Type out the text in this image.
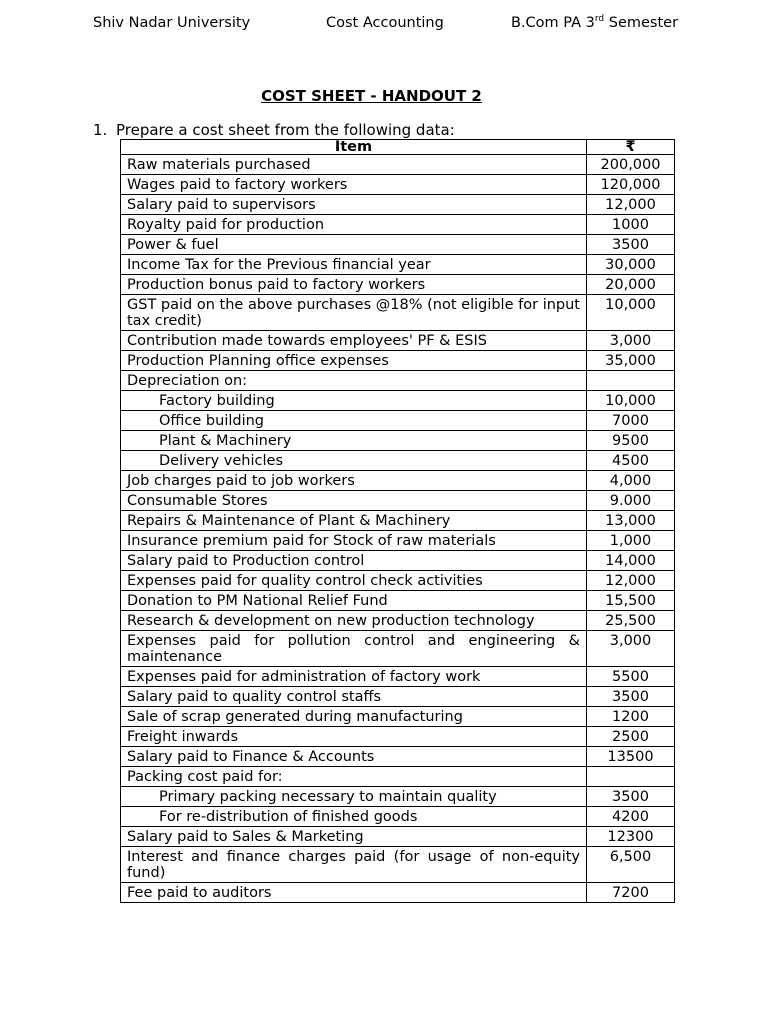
Shiv Nadar University	Cost Accounting	B.Com PA 3rd Semester
COST SHEET - HANDOUT 2
1. Prepare a cost sheet from the following data:
Item	₹
Raw materials purchased	200,000
Wages paid to factory workers	120,000
Salary paid to supervisors	12,000
Royalty paid for production	1000
Power & fuel	3500
Income Tax for the Previous financial year	30,000
Production bonus paid to factory workers	20,000
GST paid on the above purchases @18% (not eligible for input tax credit)	10,000
Contribution made towards employees' PF & ESIS	3,000
Production Planning office expenses	35,000
Depreciation on:	
Factory building	10,000
Office building	7000
Plant & Machinery	9500
Delivery vehicles	4500
Job charges paid to job workers	4,000
Consumable Stores	9.000
Repairs & Maintenance of Plant & Machinery	13,000
Insurance premium paid for Stock of raw materials	1,000
Salary paid to Production control	14,000
Expenses paid for quality control check activities	12,000
Donation to PM National Relief Fund	15,500
Research & development on new production technology	25,500
Expenses paid for pollution control and engineering & maintenance	3,000
Expenses paid for administration of factory work	5500
Salary paid to quality control staffs	3500
Sale of scrap generated during manufacturing	1200
Freight inwards	2500
Salary paid to Finance & Accounts	13500
Packing cost paid for:	
Primary packing necessary to maintain quality	3500
For re-distribution of finished goods	4200
Salary paid to Sales & Marketing	12300
Interest and finance charges paid (for usage of non-equity fund)	6,500
Fee paid to auditors	7200
